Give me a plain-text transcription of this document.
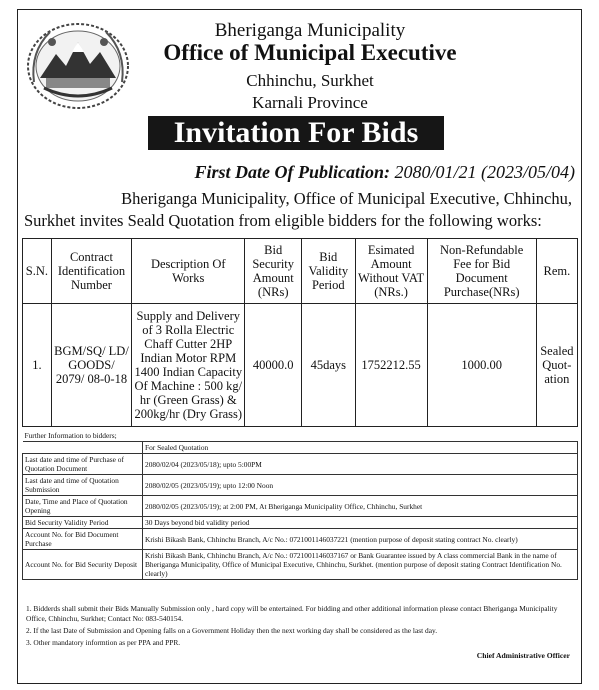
Bheriganga Municipality
Office of Municipal Executive
Chhinchu, Surkhet
Karnali Province
Invitation For Bids
First Date Of Publication: 2080/01/21 (2023/05/04)
Bheriganga Municipality, Office of Municipal Executive, Chhinchu,
Surkhet invites Seald Quotation from eligible bidders for the following works:
S.N.	Contract Identification Number	Description Of Works	Bid Security Amount (NRs)	Bid Validity Period	Esimated Amount Without VAT (NRs.)	Non-Refundable Fee for Bid Document Purchase(NRs)	Rem.
1.	BGM/SQ/ LD/ GOODS/ 2079/ 08-0-18	Supply and Delivery of 3 Rolla Electric Chaff Cutter 2HP Indian Motor RPM 1400 Indian Capacity Of Machine : 500 kg/ hr (Green Grass) & 200kg/hr (Dry Grass)	40000.0	45days	1752212.55	1000.00	Sealed Quot- ation
Further Information to bidders;	
	For Sealed Quotation
Last date and time of Purchase of Quotation Document	2080/02/04 (2023/05/18); upto 5:00PM
Last date and time of Quotation Submission	2080/02/05 (2023/05/19); upto 12:00 Noon
Date, Time and Place of Quotation Opening	2080/02/05 (2023/05/19); at 2:00 PM, At Bheriganga Municipality Office, Chhinchu, Surkhet
Bid Security Validity Period	30 Days beyond bid validity period
Account No. for Bid Document Purchase	Krishi Bikash Bank, Chhinchu Branch, A/c No.: 0721001146037221 (mention purpose of deposit stating contract No. clearly)
Account No. for Bid Security Deposit	Krishi Bikash Bank, Chhinchu Branch, A/c No.: 0721001146037167 or Bank Guarantee issued by A class commercial Bank in the name of Bheriganga Municipality, Office of Municipal Executive, Chhinchu, Surkhet. (mention purpose of deposit stating Contract Identification No. clearly)

1. Bidderds shall submit their Bids Manually Submission only , hard copy will be entertained. For bidding and other additional information please contact Bheriganga Municipality Office, Chhinchu, Surkhet; Contact No: 083-540154.

2. If the last Date of Submission and Opening falls on a Government Holiday then the next working day shall be considered as the last day.

3. Other mandatory informtion as per PPA and PPR.

Chief Administrative Officer
